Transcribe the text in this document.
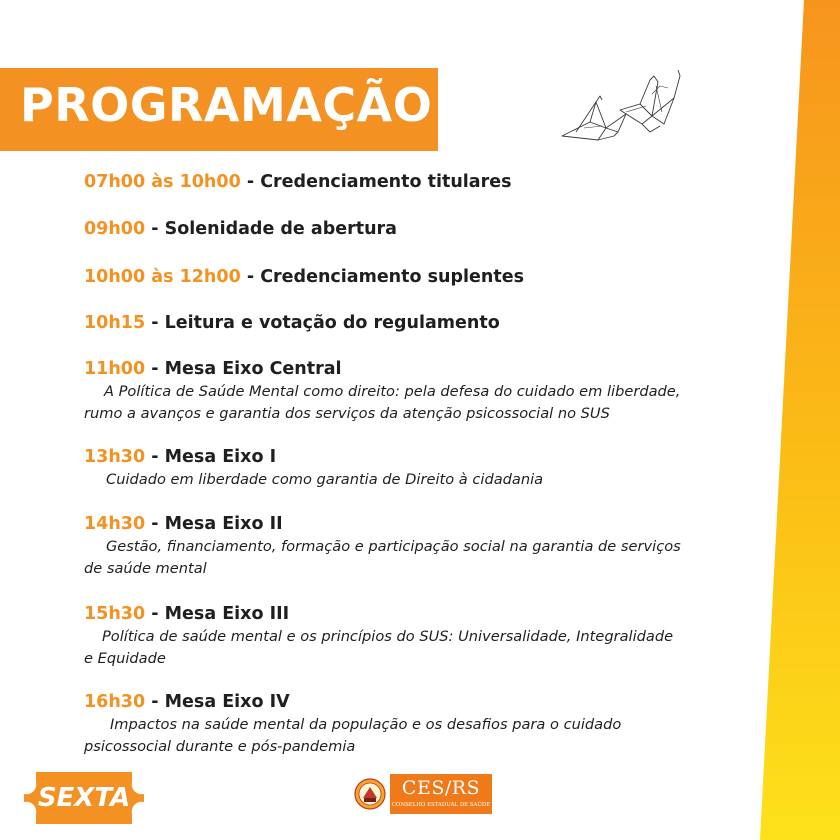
PROGRAMAÇÃO
07h00 às 10h00 - Credenciamento titulares
09h00 - Solenidade de abertura
10h00 às 12h00 - Credenciamento suplentes
10h15 - Leitura e votação do regulamento
11h00 - Mesa Eixo Central
A Política de Saúde Mental como direito: pela defesa do cuidado em liberdade,
rumo a avanços e garantia dos serviços da atenção psicossocial no SUS
13h30 - Mesa Eixo I
Cuidado em liberdade como garantia de Direito à cidadania
14h30 - Mesa Eixo II
Gestão, financiamento, formação e participação social na garantia de serviços
de saúde mental
15h30 - Mesa Eixo III
Política de saúde mental e os princípios do SUS: Universalidade, Integralidade
e Equidade
16h30 - Mesa Eixo IV
Impactos na saúde mental da população e os desafios para o cuidado
psicossocial durante e pós-pandemia
SEXTA	CES/RS
CONSELHO ESTADUAL DE SAÚDE
